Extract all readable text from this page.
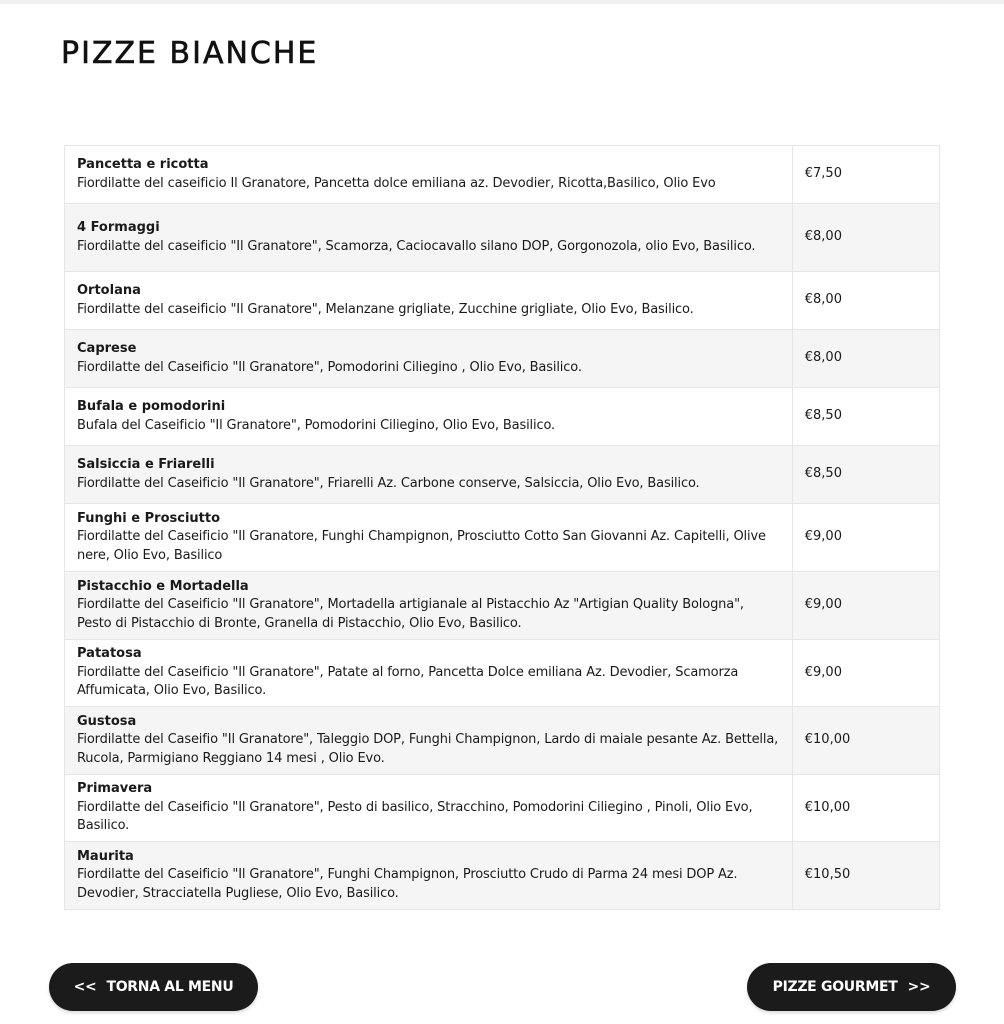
PIZZE BIANCHE
Pancetta e ricotta
Fiordilatte del caseificio Il Granatore, Pancetta dolce emiliana az. Devodier, Ricotta,Basilico, Olio Evo	€7,50

4 Formaggi
Fiordilatte del caseificio "Il Granatore", Scamorza, Caciocavallo silano DOP, Gorgonozola, olio Evo, Basilico.	€8,00

Ortolana
Fiordilatte del caseificio "Il Granatore", Melanzane grigliate, Zucchine grigliate, Olio Evo, Basilico.	€8,00

Caprese
Fiordilatte del Caseificio "Il Granatore", Pomodorini Ciliegino , Olio Evo, Basilico.	€8,00

Bufala e pomodorini
Bufala del Caseificio "Il Granatore", Pomodorini Ciliegino, Olio Evo, Basilico.	€8,50

Salsiccia e Friarelli
Fiordilatte del Caseificio "Il Granatore", Friarelli Az. Carbone conserve, Salsiccia, Olio Evo, Basilico.	€8,50

Funghi e Prosciutto
Fiordilatte del Caseificio "Il Granatore, Funghi Champignon, Prosciutto Cotto San Giovanni Az. Capitelli, Olive nere, Olio Evo, Basilico	€9,00

Pistacchio e Mortadella
Fiordilatte del Caseificio "Il Granatore", Mortadella artigianale al Pistacchio Az "Artigian Quality Bologna", Pesto di Pistacchio di Bronte, Granella di Pistacchio, Olio Evo, Basilico.	€9,00

Patatosa
Fiordilatte del Caseificio "Il Granatore", Patate al forno, Pancetta Dolce emiliana Az. Devodier, Scamorza Affumicata, Olio Evo, Basilico.	€9,00

Gustosa
Fiordilatte del Caseifio "Il Granatore", Taleggio DOP, Funghi Champignon, Lardo di maiale pesante Az. Bettella, Rucola, Parmigiano Reggiano 14 mesi , Olio Evo.	€10,00

Primavera
Fiordilatte del Caseificio "Il Granatore", Pesto di basilico, Stracchino, Pomodorini Ciliegino , Pinoli, Olio Evo, Basilico.	€10,00

Maurita
Fiordilatte del Caseificio "Il Granatore", Funghi Champignon, Prosciutto Crudo di Parma 24 mesi DOP Az. Devodier, Stracciatella Pugliese, Olio Evo, Basilico.	€10,50
<< TORNA AL MENU	PIZZE GOURMET >>
